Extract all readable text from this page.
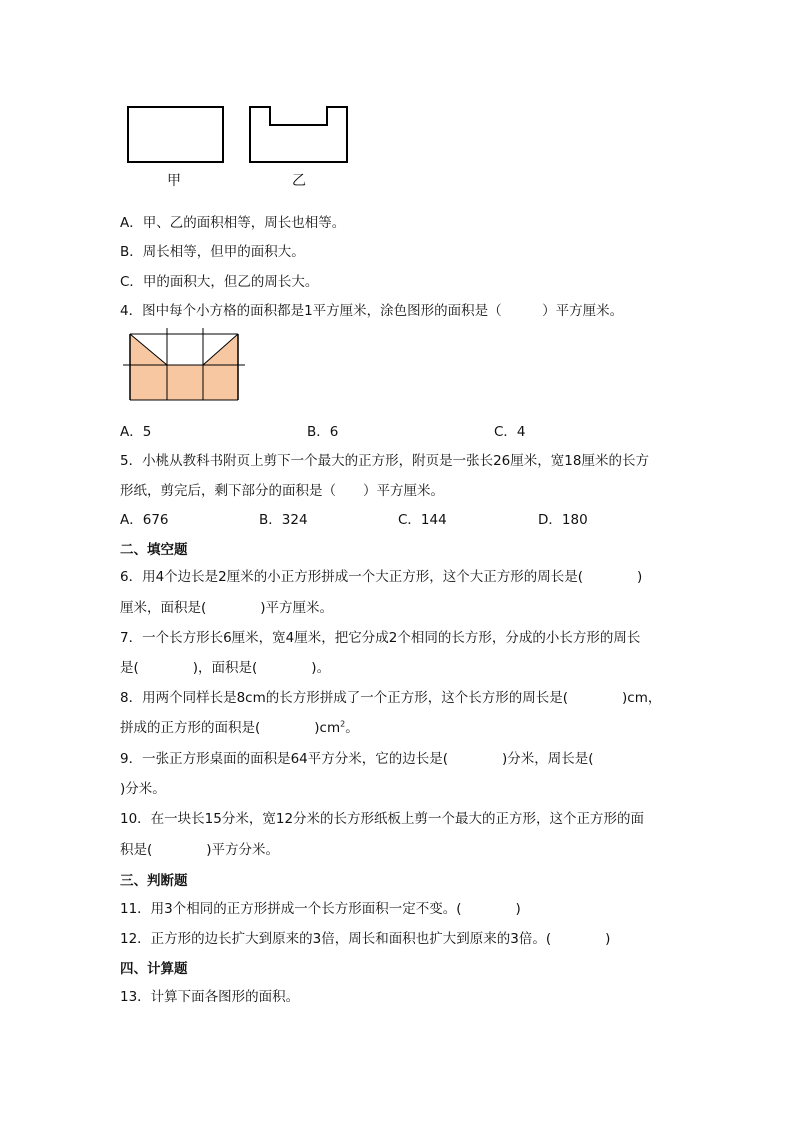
甲	乙
A．甲、乙的面积相等，周长也相等。
B．周长相等，但甲的面积大。
C．甲的面积大，但乙的周长大。
4．图中每个小方格的面积都是1平方厘米，涂色图形的面积是（　　　）平方厘米。
A．5	B．6	C．4
5．小桃从教科书附页上剪下一个最大的正方形，附页是一张长26厘米，宽18厘米的长方
形纸，剪完后，剩下部分的面积是（　　）平方厘米。
A．676	B．324	C．144	D．180
二、填空题
6．用4个边长是2厘米的小正方形拼成一个大正方形，这个大正方形的周长是(　　　　)
厘米，面积是(　　　　)平方厘米。
7．一个长方形长6厘米，宽4厘米，把它分成2个相同的长方形，分成的小长方形的周长
是(　　　　)，面积是(　　　　)。
8．用两个同样长是8cm的长方形拼成了一个正方形，这个长方形的周长是(　　　　)cm，
拼成的正方形的面积是(　　　　)$cm^2$。
9．一张正方形桌面的面积是64平方分米，它的边长是(　　　　)分米，周长是(
)分米。
10．在一块长15分米，宽12分米的长方形纸板上剪一个最大的正方形，这个正方形的面
积是(　　　　)平方分米。
三、判断题
11．用3个相同的正方形拼成一个长方形面积一定不变。(　　　　)
12．正方形的边长扩大到原来的3倍，周长和面积也扩大到原来的3倍。(　　　　)
四、计算题
13．计算下面各图形的面积。
